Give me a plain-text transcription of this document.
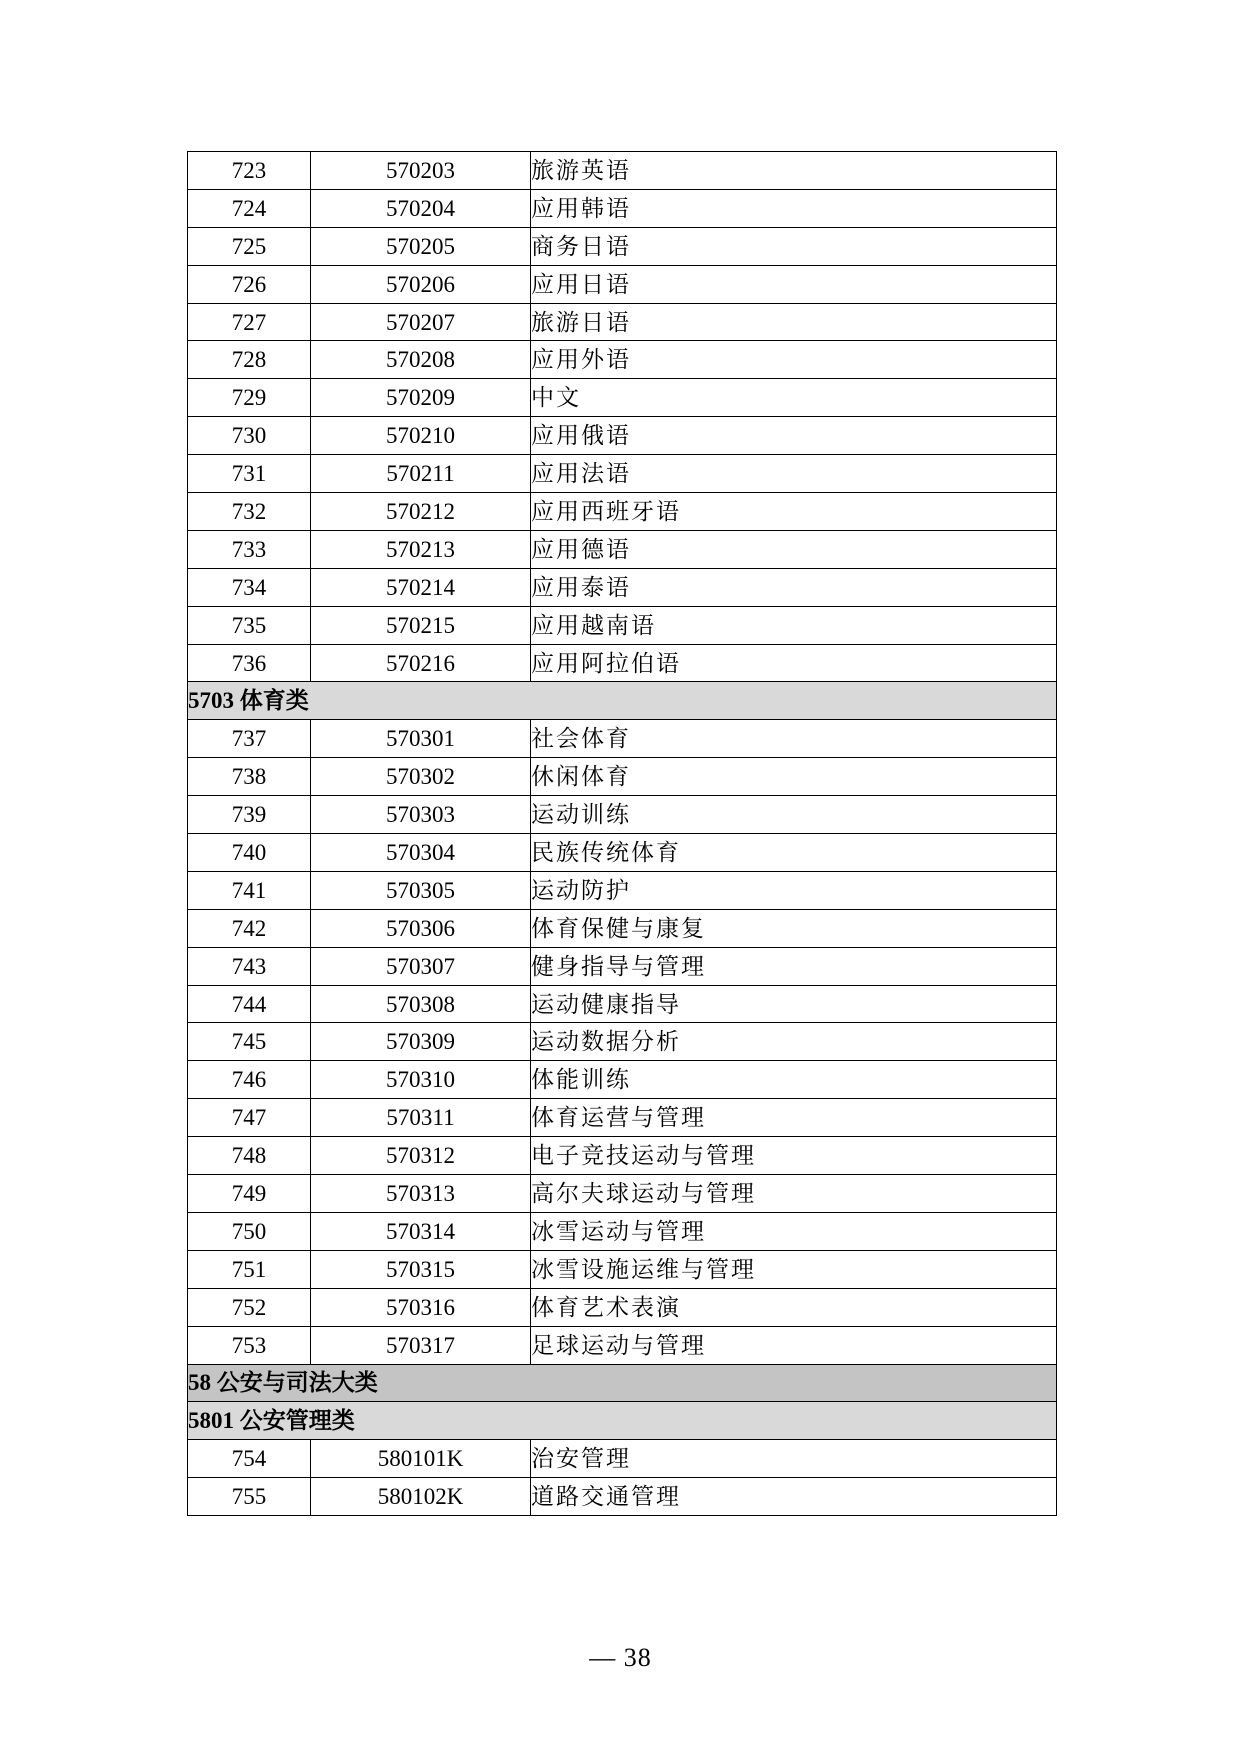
723	570203	旅游英语
724	570204	应用韩语
725	570205	商务日语
726	570206	应用日语
727	570207	旅游日语
728	570208	应用外语
729	570209	中文
730	570210	应用俄语
731	570211	应用法语
732	570212	应用西班牙语
733	570213	应用德语
734	570214	应用泰语
735	570215	应用越南语
736	570216	应用阿拉伯语
5703 体育类		
737	570301	社会体育
738	570302	休闲体育
739	570303	运动训练
740	570304	民族传统体育
741	570305	运动防护
742	570306	体育保健与康复
743	570307	健身指导与管理
744	570308	运动健康指导
745	570309	运动数据分析
746	570310	体能训练
747	570311	体育运营与管理
748	570312	电子竞技运动与管理
749	570313	高尔夫球运动与管理
750	570314	冰雪运动与管理
751	570315	冰雪设施运维与管理
752	570316	体育艺术表演
753	570317	足球运动与管理
58 公安与司法大类		
5801 公安管理类		
754	580101K	治安管理
755	580102K	道路交通管理
— 38
